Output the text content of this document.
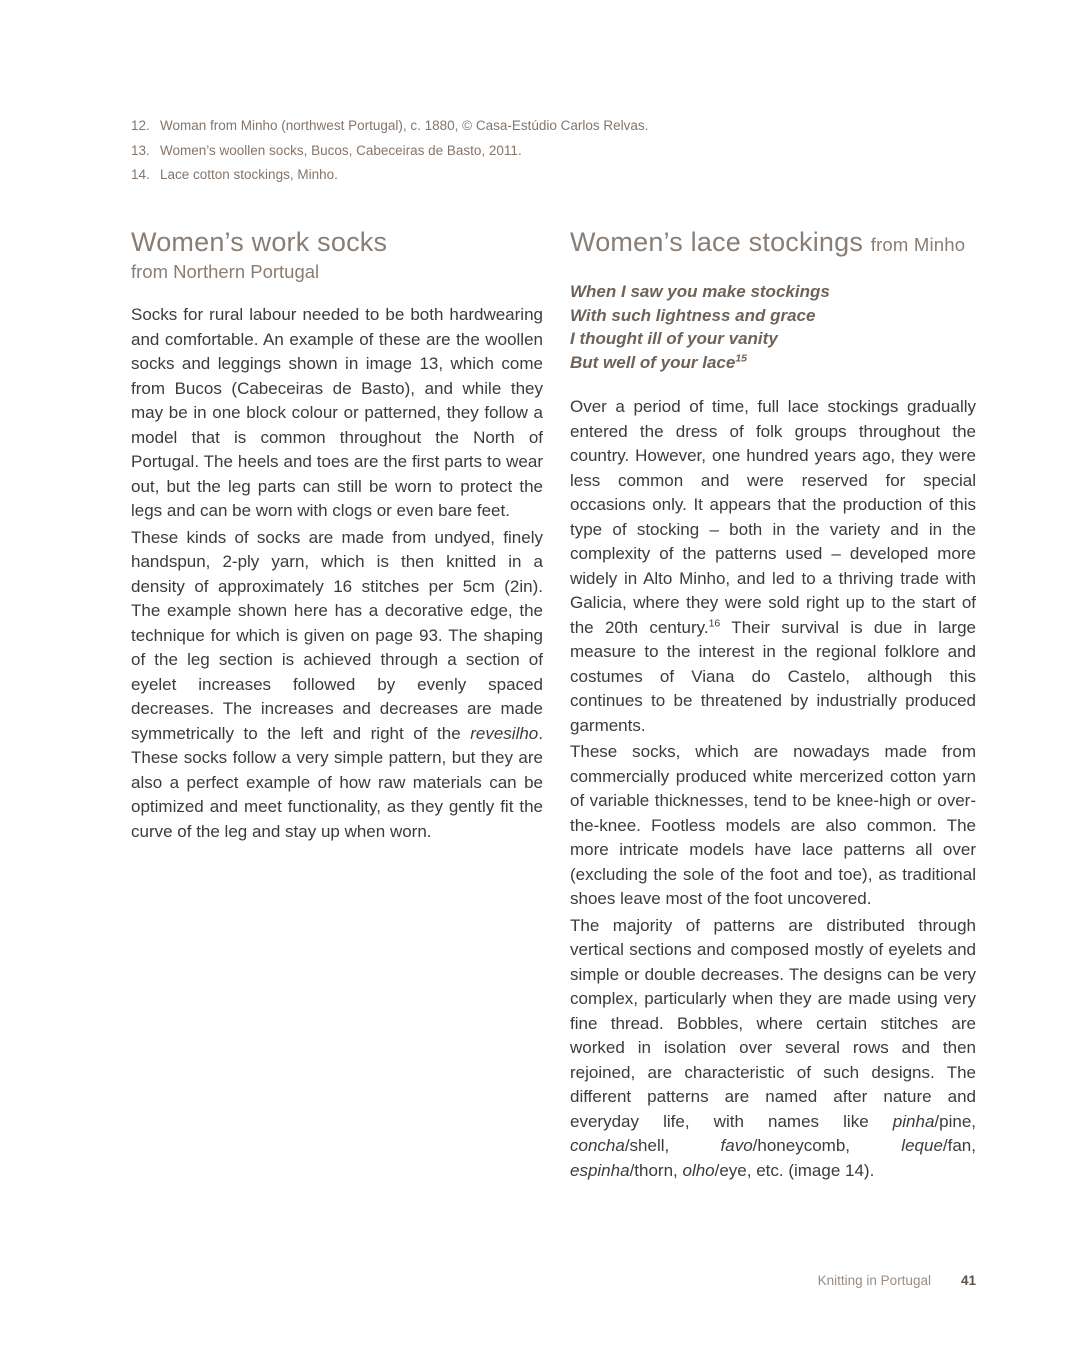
12. Woman from Minho (northwest Portugal), c. 1880, © Casa-Estúdio Carlos Relvas.
13. Women’s woollen socks, Bucos, Cabeceiras de Basto, 2011.
14. Lace cotton stockings, Minho.
Women’s work socks

from Northern Portugal

Socks for rural labour needed to be both hardwearing and comfortable. An example of these are the woollen socks and leggings shown in image 13, which come from Bucos (Cabeceiras de Basto), and while they may be in one block colour or patterned, they follow a model that is common throughout the North of Portugal. The heels and toes are the first parts to wear out, but the leg parts can still be worn to protect the legs and can be worn with clogs or even bare feet.

These kinds of socks are made from undyed, finely handspun, 2-ply yarn, which is then knitted in a density of approximately 16 stitches per 5cm (2in). The example shown here has a decorative edge, the technique for which is given on page 93. The shaping of the leg section is achieved through a section of eyelet increases followed by evenly spaced decreases. The increases and decreases are made symmetrically to the left and right of the revesilho. These socks follow a very simple pattern, but they are also a perfect example of how raw materials can be optimized and meet functionality, as they gently fit the curve of the leg and stay up when worn.

Women’s lace stockings from Minho

When I saw you make stockings

With such lightness and grace

I thought ill of your vanity

But well of your lace$^{15}$

Over a period of time, full lace stockings gradually entered the dress of folk groups throughout the country. However, one hundred years ago, they were less common and were reserved for special occasions only. It appears that the production of this type of stocking – both in the variety and in the complexity of the patterns used – developed more widely in Alto Minho, and led to a thriving trade with Galicia, where they were sold right up to the start of the 20th century.$^{16}$ Their survival is due in large measure to the interest in the regional folklore and costumes of Viana do Castelo, although this continues to be threatened by industrially produced garments.

These socks, which are nowadays made from commercially produced white mercerized cotton yarn of variable thicknesses, tend to be knee-high or over-the-knee. Footless models are also common. The more intricate models have lace patterns all over (excluding the sole of the foot and toe), as traditional shoes leave most of the foot uncovered.

The majority of patterns are distributed through vertical sections and composed mostly of eyelets and simple or double decreases. The designs can be very complex, particularly when they are made using very fine thread. Bobbles, where certain stitches are worked in isolation over several rows and then rejoined, are characteristic of such designs. The different patterns are named after nature and everyday life, with names like pinha/pine, concha/shell, favo/honeycomb, leque/fan, espinha/thorn, olho/eye, etc. (image 14).

Knitting in Portugal 41
